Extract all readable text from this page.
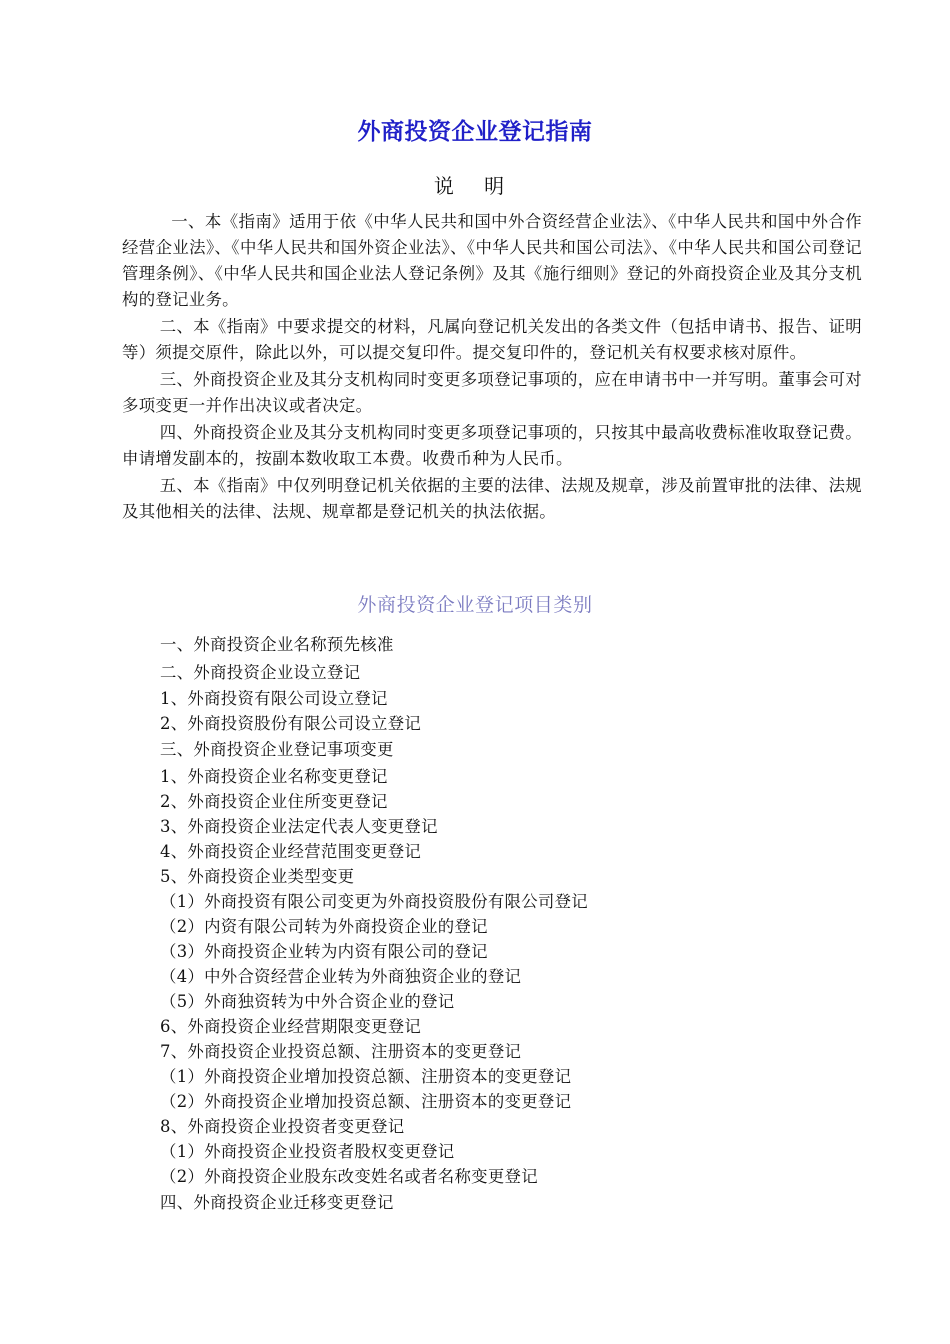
外商投资企业登记指南
说 明

一、本《指南》适用于依《中华人民共和国中外合资经营企业法》、《中华人民共和国中外合作经营企业法》、《中华人民共和国外资企业法》、《中华人民共和国公司法》、《中华人民共和国公司登记管理条例》、《中华人民共和国企业法人登记条例》及其《施行细则》登记的外商投资企业及其分支机构的登记业务。

二、本《指南》中要求提交的材料，凡属向登记机关发出的各类文件（包括申请书、报告、证明等）须提交原件，除此以外，可以提交复印件。提交复印件的，登记机关有权要求核对原件。

三、外商投资企业及其分支机构同时变更多项登记事项的，应在申请书中一并写明。董事会可对多项变更一并作出决议或者决定。

四、外商投资企业及其分支机构同时变更多项登记事项的，只按其中最高收费标准收取登记费。申请增发副本的，按副本数收取工本费。收费币种为人民币。

五、本《指南》中仅列明登记机关依据的主要的法律、法规及规章，涉及前置审批的法律、法规及其他相关的法律、法规、规章都是登记机关的执法依据。

外商投资企业登记项目类别
一、外商投资企业名称预先核准
二、外商投资企业设立登记
1、外商投资有限公司设立登记
2、外商投资股份有限公司设立登记
三、外商投资企业登记事项变更
1、外商投资企业名称变更登记
2、外商投资企业住所变更登记
3、外商投资企业法定代表人变更登记
4、外商投资企业经营范围变更登记
5、外商投资企业类型变更
（1）外商投资有限公司变更为外商投资股份有限公司登记
（2）内资有限公司转为外商投资企业的登记
（3）外商投资企业转为内资有限公司的登记
（4）中外合资经营企业转为外商独资企业的登记
（5）外商独资转为中外合资企业的登记
6、外商投资企业经营期限变更登记
7、外商投资企业投资总额、注册资本的变更登记
（1）外商投资企业增加投资总额、注册资本的变更登记
（2）外商投资企业增加投资总额、注册资本的变更登记
8、外商投资企业投资者变更登记
（1）外商投资企业投资者股权变更登记
（2）外商投资企业股东改变姓名或者名称变更登记
四、外商投资企业迁移变更登记
